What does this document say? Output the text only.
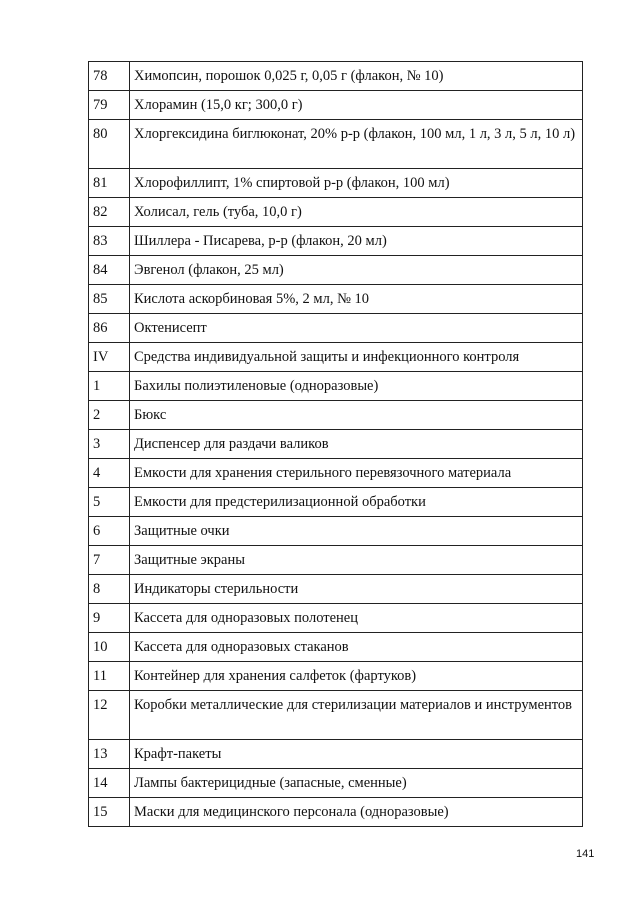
78	Химопсин, порошок 0,025 г, 0,05 г (флакон, № 10)
79	Хлорамин (15,0 кг; 300,0 г)
80	Хлоргексидина биглюконат, 20% р-р (флакон, 100 мл, 1 л, 3 л, 5 л, 10 л)
81	Хлорофиллипт, 1% спиртовой р-р (флакон, 100 мл)
82	Холисал, гель (туба, 10,0 г)
83	Шиллера - Писарева, р-р (флакон, 20 мл)
84	Эвгенол (флакон, 25 мл)
85	Кислота аскорбиновая 5%, 2 мл, № 10
86	Октенисепт
IV	Средства индивидуальной защиты и инфекционного контроля
1	Бахилы полиэтиленовые (одноразовые)
2	Бюкс
3	Диспенсер для раздачи валиков
4	Емкости для хранения стерильного перевязочного материала
5	Емкости для предстерилизационной обработки
6	Защитные очки
7	Защитные экраны
8	Индикаторы стерильности
9	Кассета для одноразовых полотенец
10	Кассета для одноразовых стаканов
11	Контейнер для хранения салфеток (фартуков)
12	Коробки металлические для стерилизации материалов и инструментов
13	Крафт-пакеты
14	Лампы бактерицидные (запасные, сменные)
15	Маски для медицинского персонала (одноразовые)
141
